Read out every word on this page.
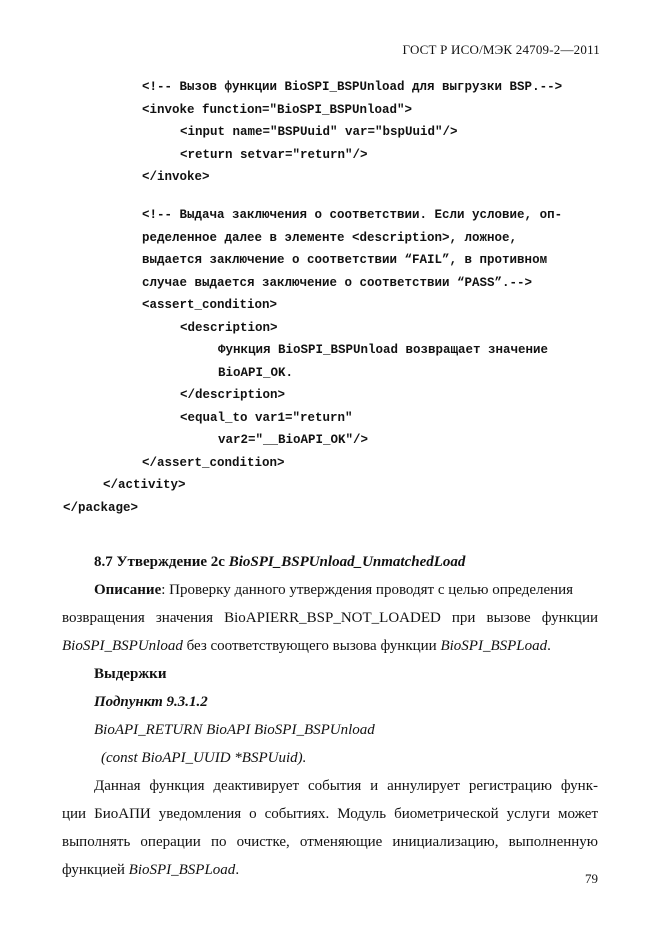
ГОСТ Р ИСО/МЭК 24709-2—2011
<!-- Вызов функции BioSPI_BSPUnload для выгрузки BSP.-->
<invoke function="BioSPI_BSPUnload">
<input name="BSPUuid" var="bspUuid"/>
<return setvar="return"/>
</invoke>
<!-- Выдача заключения о соответствии. Если условие, оп-
ределенное далее в элементе <description>, ложное,
выдается заключение о соответствии “FAIL”, в противном
случае выдается заключение о соответствии “PASS”.-->
<assert_condition>
<description>
Функция BioSPI_BSPUnload возвращает значение
BioAPI_OK.
</description>
<equal_to var1="return"
var2="__BioAPI_OK"/>
</assert_condition>
</activity>
</package>
8.7 Утверждение 2с BioSPI_BSPUnload_UnmatchedLoad
Описание: Проверку данного утверждения проводят с целью определения
возвращения значения BioAPIERR_BSP_NOT_LOADED при вызове функции
BioSPI_BSPUnload без соответствующего вызова функции BioSPI_BSPLoad.
Выдержки
Подпункт 9.3.1.2
BioAPI_RETURN BioAPI BioSPI_BSPUnload
(const BioAPI_UUID *BSPUuid).
Данная функция деактивирует события и аннулирует регистрацию функ-
ции БиоАПИ уведомления о событиях. Модуль биометрической услуги может
выполнять операции по очистке, отменяющие инициализацию, выполненную
функцией BioSPI_BSPLoad.
79
